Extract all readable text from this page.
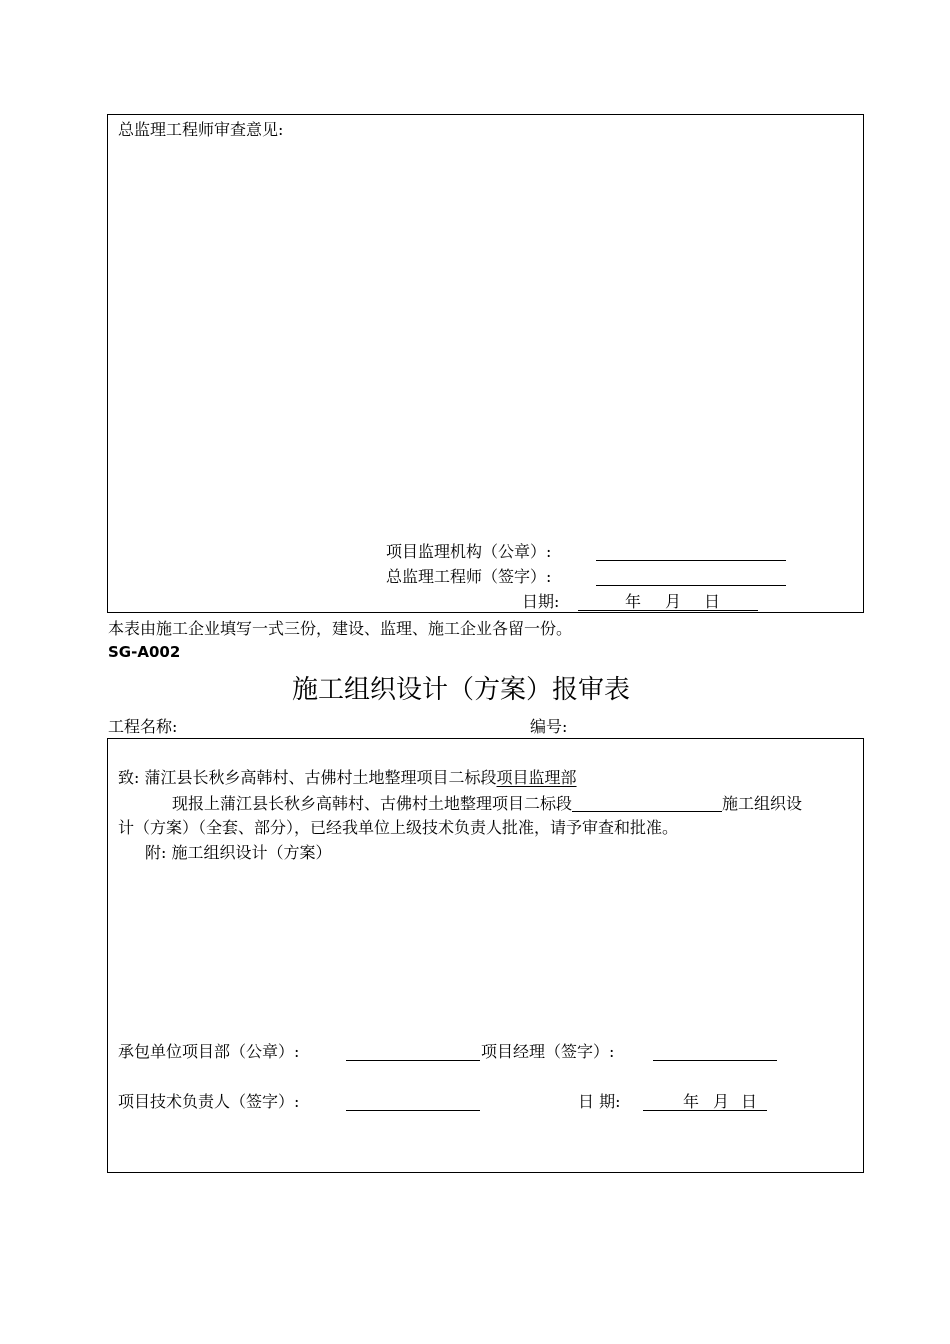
总监理工程师审查意见:
项目监理机构（公章）:
总监理工程师（签字）:
日期:	年 月 日
本表由施工企业填写一式三份，建设、监理、施工企业各留一份。
SG-A002
施工组织设计（方案）报审表
工程名称:	编号:
致: 蒲江县长秋乡高韩村、古佛村土地整理项目二标段项目监理部
现报上蒲江县长秋乡高韩村、古佛村土地整理项目二标段	施工组织设
计（方案）（全套、部分），已经我单位上级技术负责人批准，请予审查和批准。
附: 施工组织设计（方案）
承包单位项目部（公章）:	项目经理（签字）:
项目技术负责人（签字）:	日 期:	年 月 日
